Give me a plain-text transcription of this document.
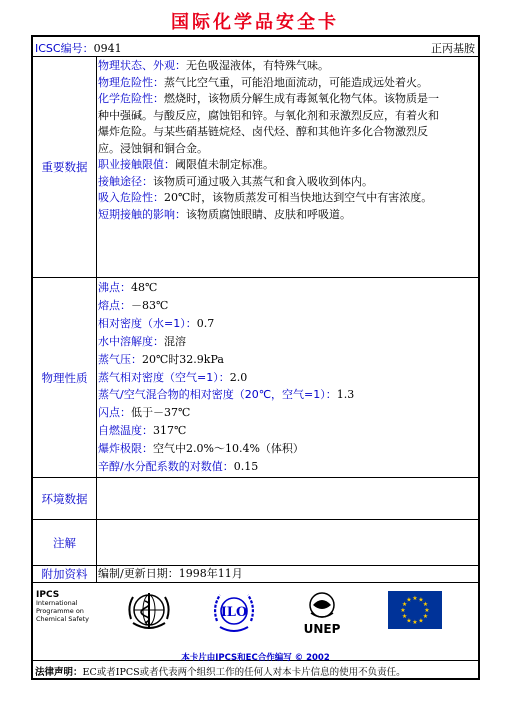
国际化学品安全卡
ICSC编号：0941	正丙基胺
重要数据
物理状态、外观：无色吸湿液体，有特殊气味。
物理危险性：蒸气比空气重，可能沿地面流动，可能造成远处着火。
化学危险性：燃烧时，该物质分解生成有毒氮氧化物气体。该物质是一
种中强碱。与酸反应，腐蚀铝和锌。与氧化剂和汞激烈反应，有着火和
爆炸危险。与某些硝基链烷烃、卤代烃、醇和其他许多化合物激烈反
应。浸蚀铜和铜合金。
职业接触限值：阈限值未制定标准。
接触途径：该物质可通过吸入其蒸气和食入吸收到体内。
吸入危险性：20℃时，该物质蒸发可相当快地达到空气中有害浓度。
短期接触的影响：该物质腐蚀眼睛、皮肤和呼吸道。
物理性质
沸点：48℃
熔点：－83℃
相对密度（水=1）：0.7
水中溶解度：混溶
蒸气压：20℃时32.9kPa
蒸气相对密度（空气=1）：2.0
蒸气/空气混合物的相对密度（20℃，空气=1）：1.3
闪点：低于－37℃
自燃温度：317℃
爆炸极限：空气中2.0%～10.4%（体积）
辛醇/水分配系数的对数值：0.15
环境数据
注解
附加资料 编制/更新日期：1998年11月
IPCS
International
Programme on
Chemical Safety	ILO
UNEP
★ ★
★
★
★
★
★
★
★
★
★
★
本卡片由IPCS和EC合作编写 © 2002
法律声明：EC或者IPCS或者代表两个组织工作的任何人对本卡片信息的使用不负责任。
